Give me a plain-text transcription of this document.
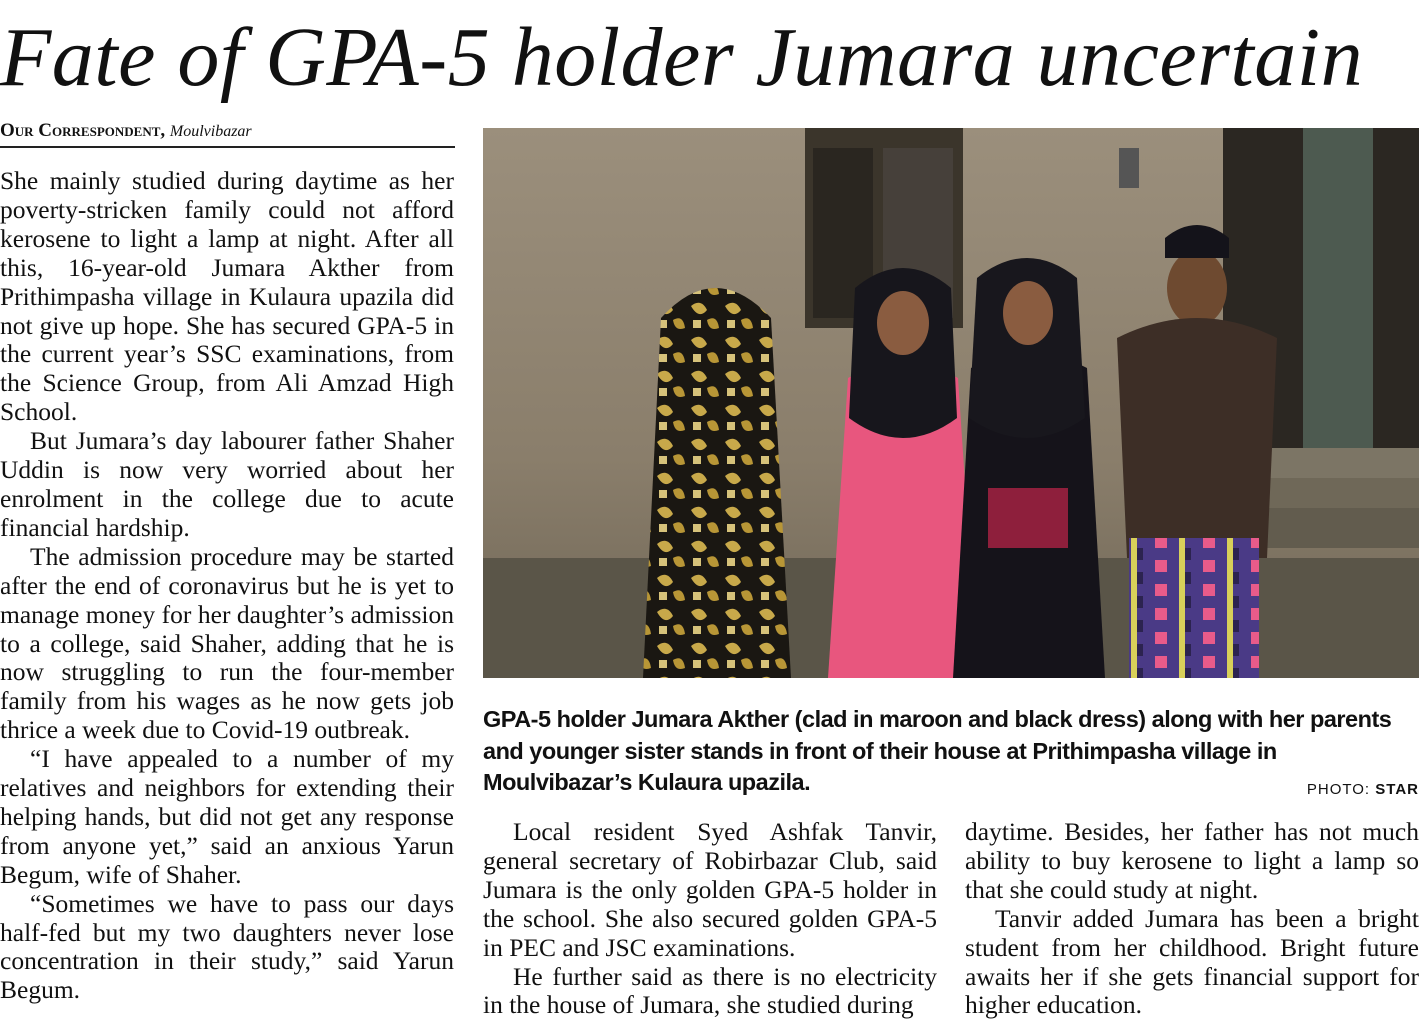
Fate of GPA-5 holder Jumara uncertain
Our Correspondent, Moulvibazar

She mainly studied during daytime as her poverty-stricken family could not afford kerosene to light a lamp at night. After all this, 16-year-old Jumara Akther from Prithimpasha village in Kulaura upazila did not give up hope. She has secured GPA-5 in the current year’s SSC examinations, from the Science Group, from Ali Amzad High School.

But Jumara’s day labourer father Shaher Uddin is now very worried about her enrolment in the college due to acute financial hardship.

The admission procedure may be started after the end of coronavirus but he is yet to manage money for her daughter’s admission to a college, said Shaher, adding that he is now struggling to run the four-member family from his wages as he now gets job thrice a week due to Covid-19 outbreak.

“I have appealed to a number of my relatives and neighbors for extending their helping hands, but did not get any response from anyone yet,” said an anxious Yarun Begum, wife of Shaher.

“Sometimes we have to pass our days half-fed but my two daughters never lose concentration in their study,” said Yarun Begum.

GPA-5 holder Jumara Akther (clad in maroon and black dress) along with her parents and younger sister stands in front of their house at Prithimpasha village in Moulvibazar’s Kulaura upazila.	PHOTO: STAR

Local resident Syed Ashfak Tanvir, general secretary of Robirbazar Club, said Jumara is the only golden GPA-5 holder in the school. She also secured golden GPA-5 in PEC and JSC examinations.

He further said as there is no electricity in the house of Jumara, she studied during

daytime. Besides, her father has not much ability to buy kerosene to light a lamp so that she could study at night.

Tanvir added Jumara has been a bright student from her childhood. Bright future awaits her if she gets financial support for higher education.
